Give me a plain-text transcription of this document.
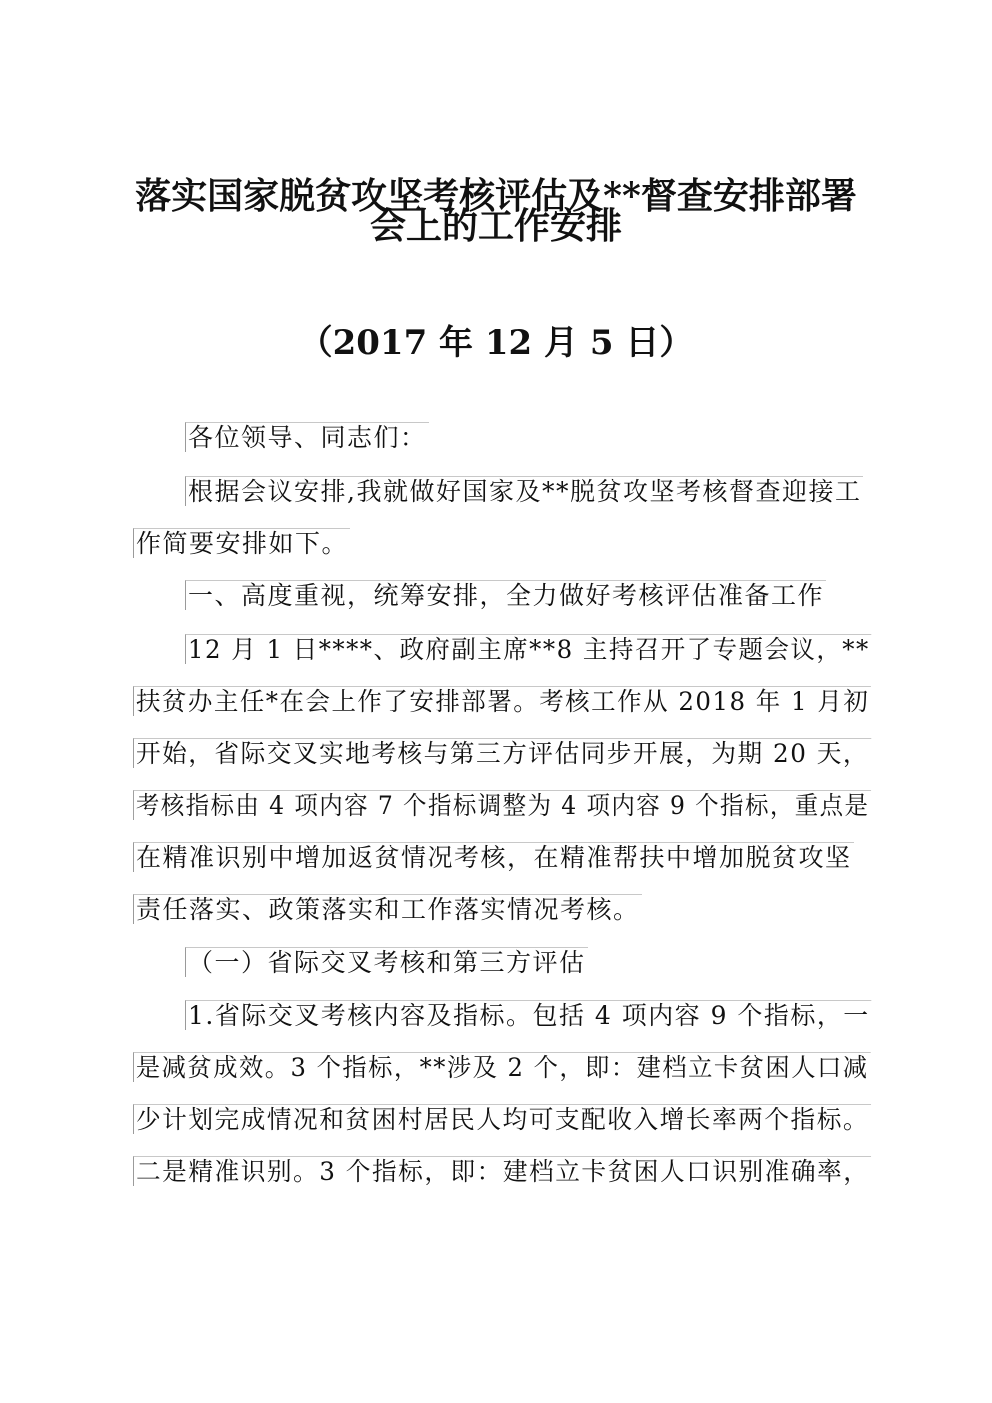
落实国家脱贫攻坚考核评估及**督查安排部署
会上的工作安排
（2017 年 12 月 5 日）
各位领导、同志们：
根据会议安排,我就做好国家及**脱贫攻坚考核督查迎接工
作简要安排如下。
一、高度重视，统筹安排，全力做好考核评估准备工作
12 月 1 日****、政府副主席**8 主持召开了专题会议，**
扶贫办主任*在会上作了安排部署。考核工作从 2018 年 1 月初
开始，省际交叉实地考核与第三方评估同步开展，为期 20 天，
考核指标由 4 项内容 7 个指标调整为 4 项内容 9 个指标，重点是
在精准识别中增加返贫情况考核，在精准帮扶中增加脱贫攻坚
责任落实、政策落实和工作落实情况考核。
（一）省际交叉考核和第三方评估
1.省际交叉考核内容及指标。包括 4 项内容 9 个指标，一
是减贫成效。3 个指标，**涉及 2 个，即：建档立卡贫困人口减
少计划完成情况和贫困村居民人均可支配收入增长率两个指标。
二是精准识别。3 个指标，即：建档立卡贫困人口识别准确率，
